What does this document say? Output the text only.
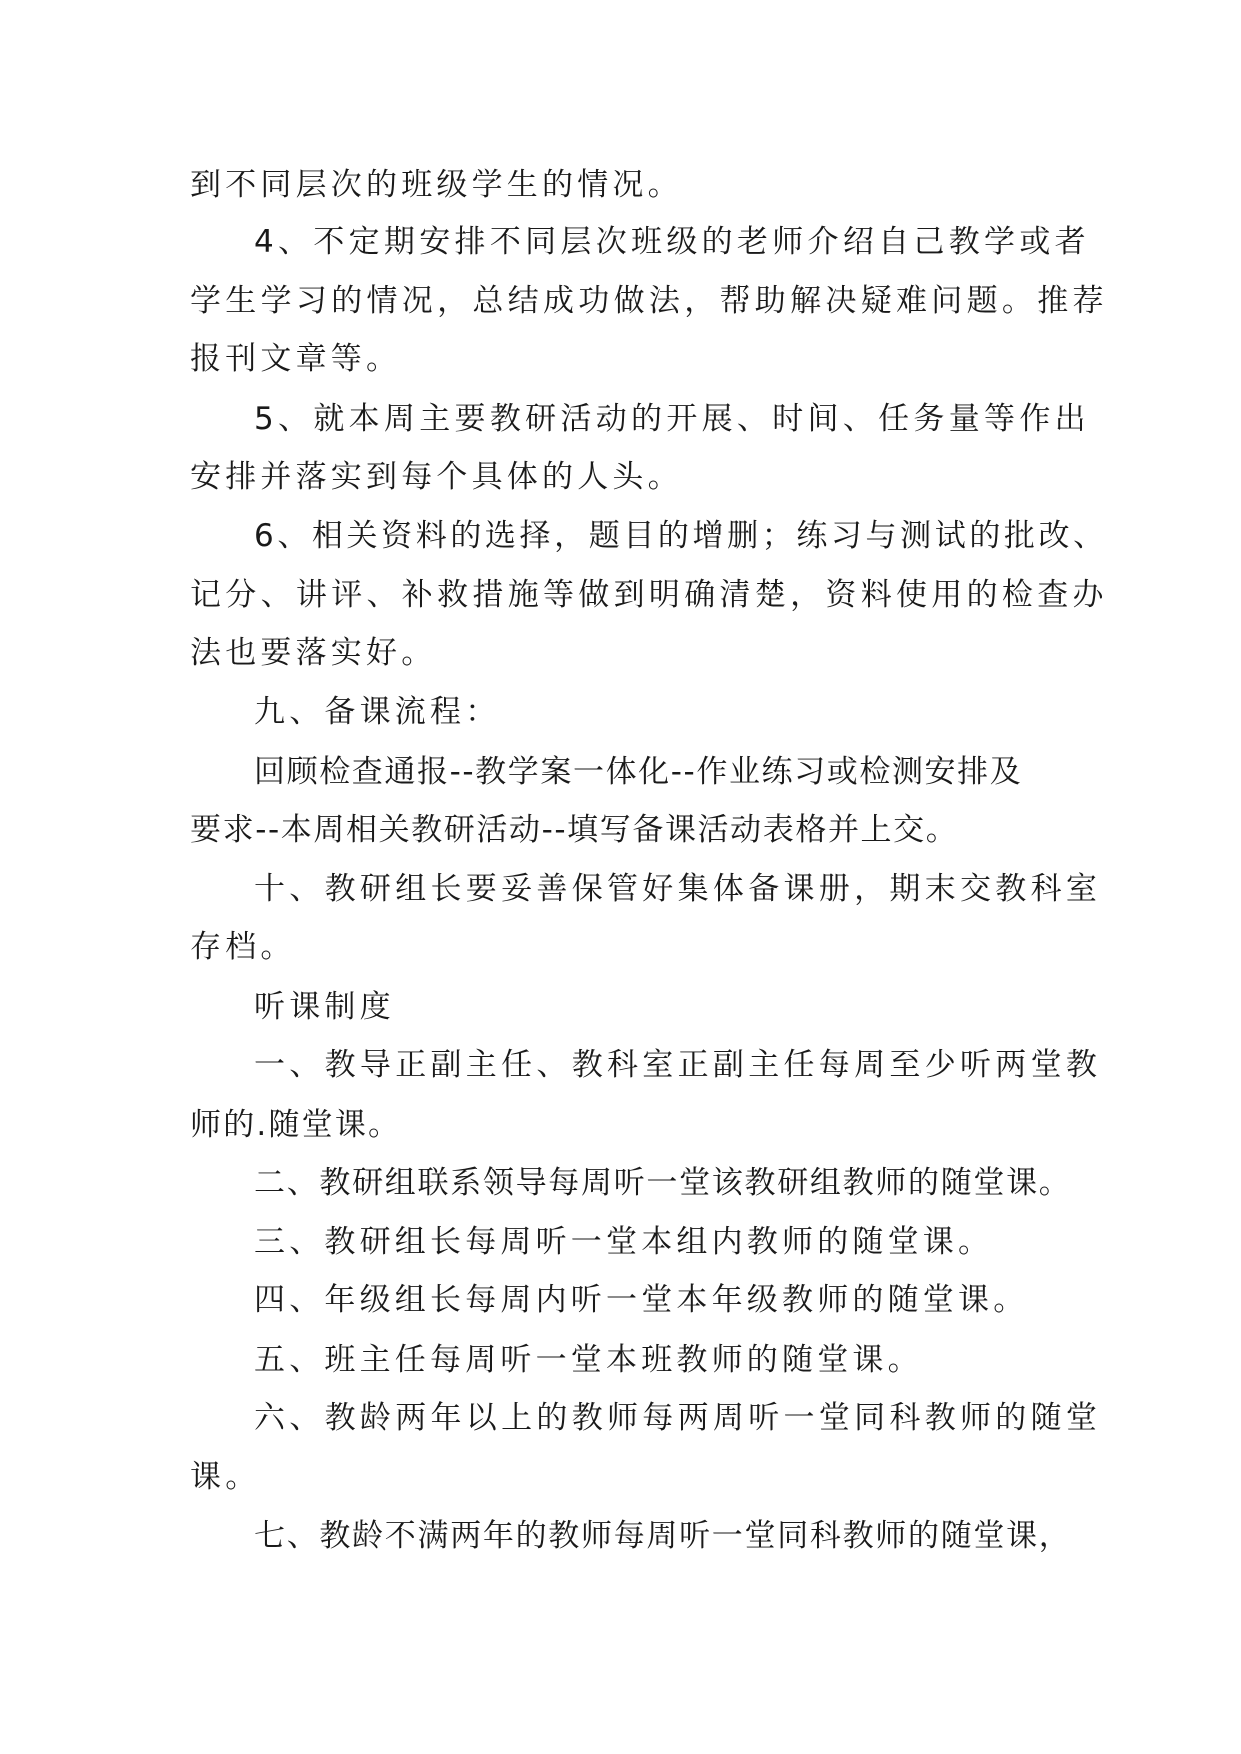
到不同层次的班级学生的情况。

4、不定期安排不同层次班级的老师介绍自己教学或者

学生学习的情况，总结成功做法，帮助解决疑难问题。推荐

报刊文章等。

5、就本周主要教研活动的开展、时间、任务量等作出

安排并落实到每个具体的人头。

6、相关资料的选择，题目的增删；练习与测试的批改、

记分、讲评、补救措施等做到明确清楚，资料使用的检查办

法也要落实好。

九、备课流程：

回顾检查通报--教学案一体化--作业练习或检测安排及

要求--本周相关教研活动--填写备课活动表格并上交。

十、教研组长要妥善保管好集体备课册，期末交教科室

存档。

听课制度

一、教导正副主任、教科室正副主任每周至少听两堂教

师的.随堂课。

二、教研组联系领导每周听一堂该教研组教师的随堂课。

三、教研组长每周听一堂本组内教师的随堂课。

四、年级组长每周内听一堂本年级教师的随堂课。

五、班主任每周听一堂本班教师的随堂课。

六、教龄两年以上的教师每两周听一堂同科教师的随堂

课。

七、教龄不满两年的教师每周听一堂同科教师的随堂课，
